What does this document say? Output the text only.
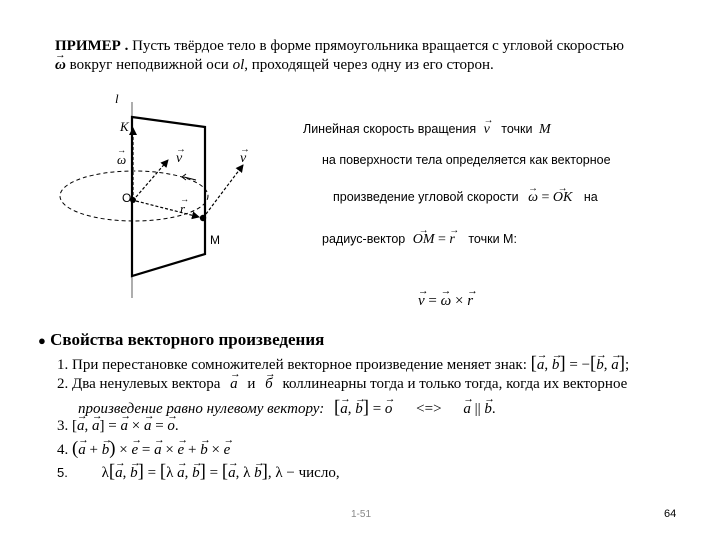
ПРИМЕР . Пусть твёрдое тело в форме прямоугольника вращается с угловой скоростью
→ ω вокруг неподвижной оси ol, проходящей через одну из его сторон.
l
K
→ ω	→ v	→ v
O
→ r
M
Линейная скорость вращения → v точки M
на поверхности тела определяется как векторное
произведение угловой скорости → ω = → OK на
радиус-вектор → OM = → r точки М:
→ v = → ω × → r
● Свойства векторного произведения
1. При перестановке сомножителей векторное произведение меняет знак: [→ a, → b] = −[→ b, → a];
2. Два ненулевых вектора → а и → б коллинеарны тогда и только тогда, когда их векторное
произведение равно нулевому вектору: [→ a, → b] = → o <=> → a || → b.
3. [→ a, → a] = → a × → a = → o.
4. (→ a + → b) × → e = → a × → e + → b × → e
5. λ[→ a, → b] = [λ → a, → b] = [→ a, λ → b], λ − число,
1-51	64
